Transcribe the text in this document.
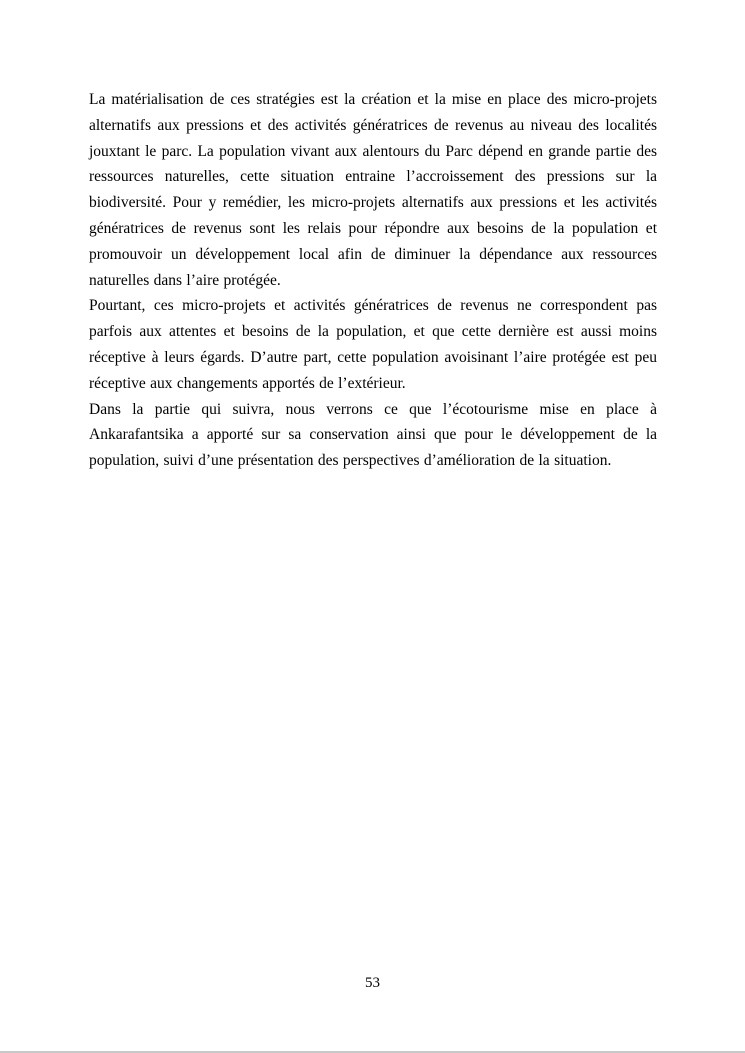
La matérialisation de ces stratégies est la création et la mise en place des micro-projets alternatifs aux pressions et des activités génératrices de revenus au niveau des localités jouxtant le parc. La population vivant aux alentours du Parc dépend en grande partie des ressources naturelles, cette situation entraine l’accroissement des pressions sur la biodiversité. Pour y remédier, les micro-projets alternatifs aux pressions et les activités génératrices de revenus sont les relais pour répondre aux besoins de la population et promouvoir un développement local afin de diminuer la dépendance aux ressources naturelles dans l’aire protégée.

Pourtant, ces micro-projets et activités génératrices de revenus ne correspondent pas parfois aux attentes et besoins de la population, et que cette dernière est aussi moins réceptive à leurs égards. D’autre part, cette population avoisinant l’aire protégée est peu réceptive aux changements apportés de l’extérieur.

Dans la partie qui suivra, nous verrons ce que l’écotourisme mise en place à Ankarafantsika a apporté sur sa conservation ainsi que pour le développement de la population, suivi d’une présentation des perspectives d’amélioration de la situation.

53
